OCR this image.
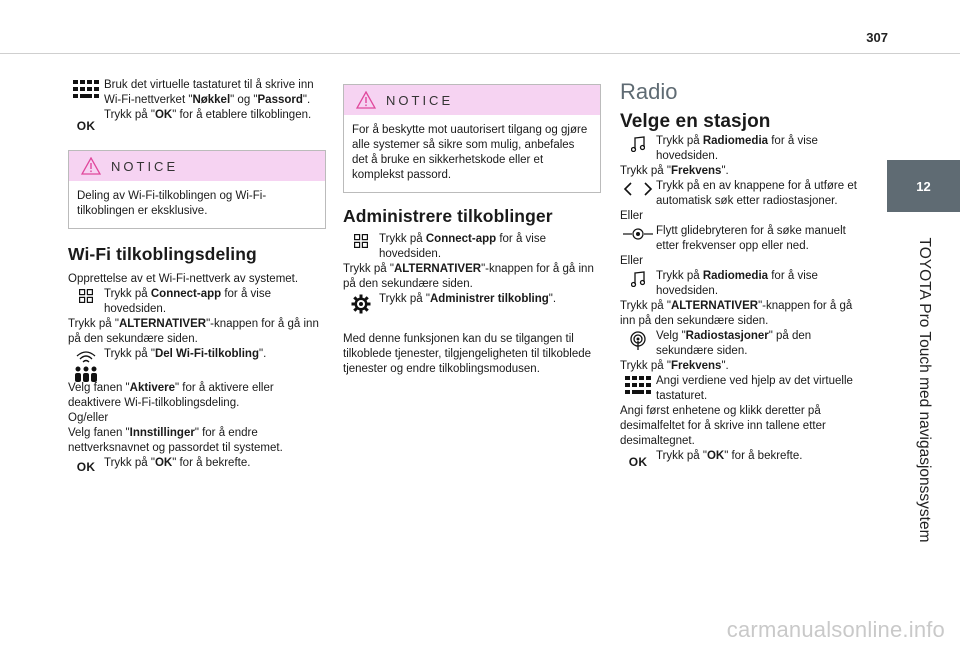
307
12
TOYOTA Pro Touch med navigasjonssystem
carmanualsonline.info
Bruk det virtuelle tastaturet til å skrive inn Wi-Fi-nettverket "Nøkkel" og "Passord".
Trykk på "OK" for å etablere tilkoblingen.
OK
NOTICE
Deling av Wi-Fi-tilkoblingen og Wi-Fi-tilkoblingen er eksklusive.
Wi-Fi tilkoblingsdeling

Opprettelse av et Wi-Fi-nettverk av systemet.

Trykk på Connect-app for å vise hovedsiden.

Trykk på "ALTERNATIVER"-knappen for å gå inn på den sekundære siden.

Trykk på "Del Wi-Fi-tilkobling".

Velg fanen "Aktivere" for å aktivere eller deaktivere Wi-Fi-tilkoblingsdeling.

Og/eller

Velg fanen "Innstillinger" for å endre nettverksnavnet og passordet til systemet.

OK Trykk på "OK" for å bekrefte.
NOTICE
For å beskytte mot uautorisert tilgang og gjøre alle systemer så sikre som mulig, anbefales det å bruke en sikkerhetskode eller et komplekst passord.
Administrere tilkoblinger
Trykk på Connect-app for å vise hovedsiden.

Trykk på "ALTERNATIVER"-knappen for å gå inn på den sekundære siden.

Trykk på "Administrer tilkobling".

Med denne funksjonen kan du se tilgangen til tilkoblede tjenester, tilgjengeligheten til tilkoblede tjenester og endre tilkoblingsmodusen.

Radio
Velge en stasjon
Trykk på Radiomedia for å vise hovedsiden.

Trykk på "Frekvens".

Trykk på en av knappene for å utføre et automatisk søk etter radiostasjoner.

Eller

Flytt glidebryteren for å søke manuelt etter frekvenser opp eller ned.

Eller

Trykk på Radiomedia for å vise hovedsiden.

Trykk på "ALTERNATIVER"-knappen for å gå inn på den sekundære siden.

Velg "Radiostasjoner" på den sekundære siden.

Trykk på "Frekvens".

Angi verdiene ved hjelp av det virtuelle tastaturet.

Angi først enhetene og klikk deretter på desimalfeltet for å skrive inn tallene etter desimaltegnet.

OK Trykk på "OK" for å bekrefte.
